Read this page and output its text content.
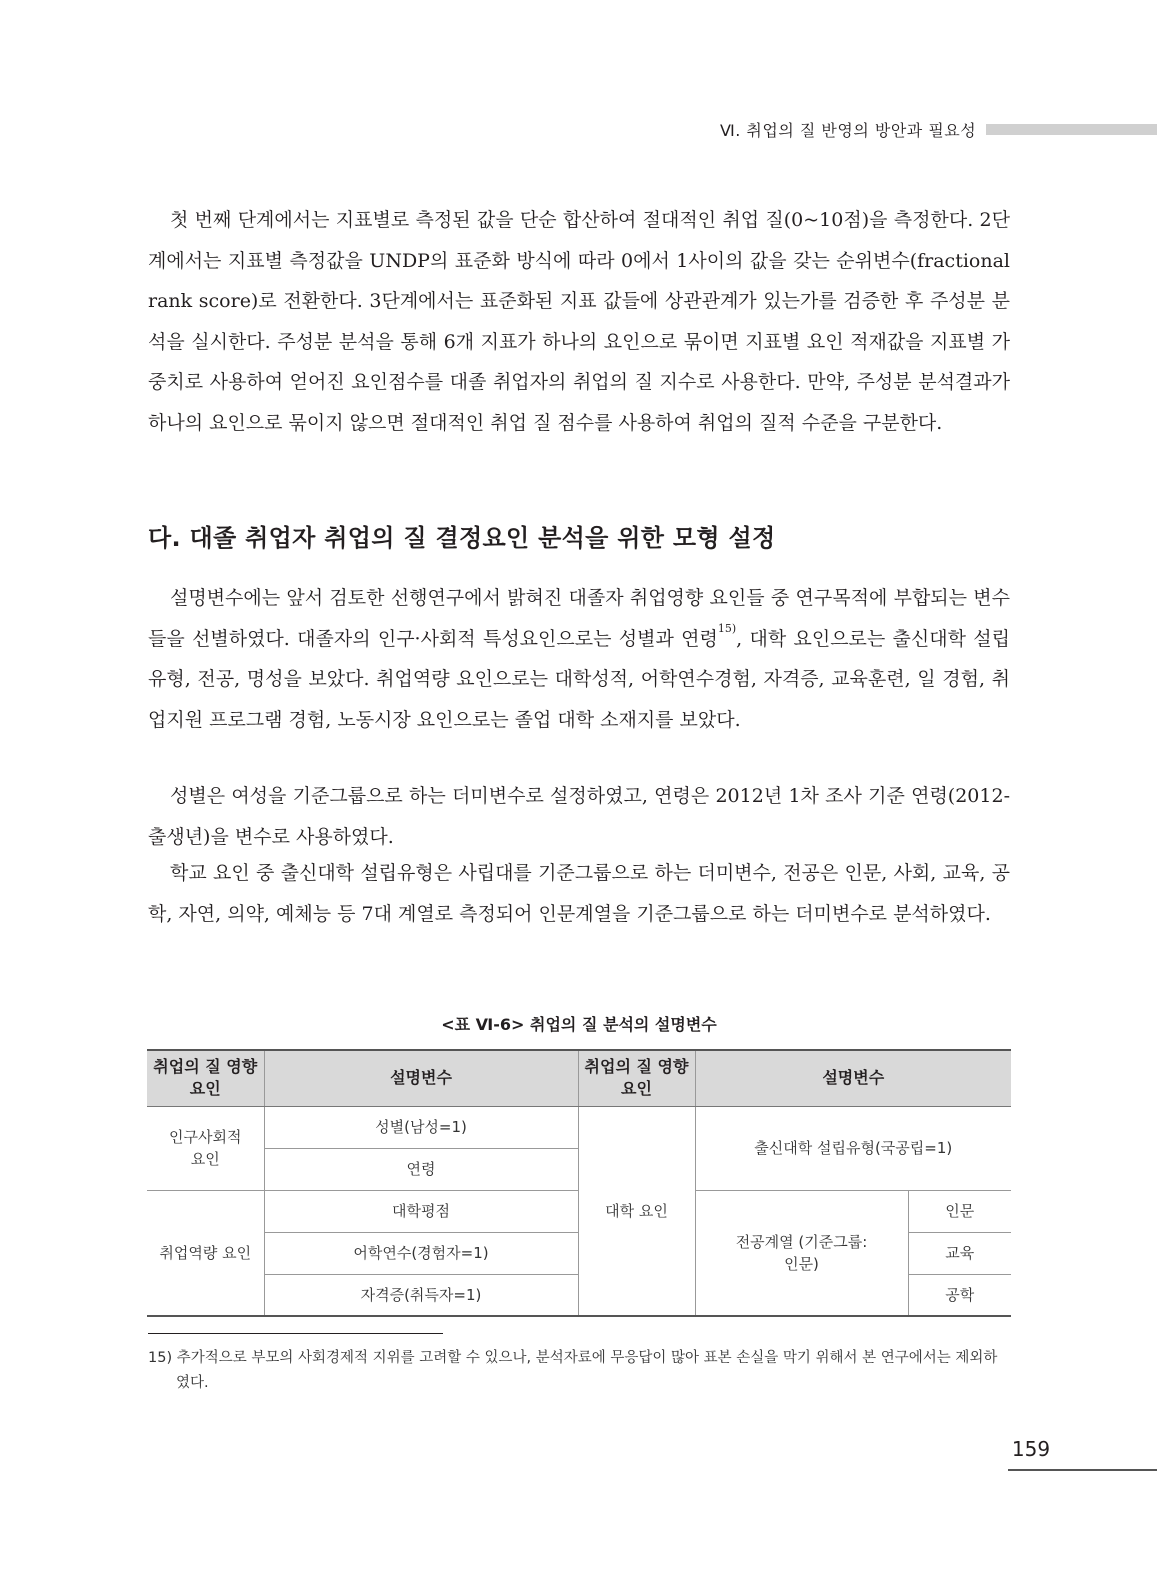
Ⅵ. 취업의 질 반영의 방안과 필요성

첫 번째 단계에서는 지표별로 측정된 값을 단순 합산하여 절대적인 취업 질(0~10점)을 측정한다. 2단계에서는 지표별 측정값을 UNDP의 표준화 방식에 따라 0에서 1사이의 값을 갖는 순위변수(fractional rank score)로 전환한다. 3단계에서는 표준화된 지표 값들에 상관관계가 있는가를 검증한 후 주성분 분석을 실시한다. 주성분 분석을 통해 6개 지표가 하나의 요인으로 묶이면 지표별 요인 적재값을 지표별 가중치로 사용하여 얻어진 요인점수를 대졸 취업자의 취업의 질 지수로 사용한다. 만약, 주성분 분석결과가 하나의 요인으로 묶이지 않으면 절대적인 취업 질 점수를 사용하여 취업의 질적 수준을 구분한다.

다. 대졸 취업자 취업의 질 결정요인 분석을 위한 모형 설정

설명변수에는 앞서 검토한 선행연구에서 밝혀진 대졸자 취업영향 요인들 중 연구목적에 부합되는 변수들을 선별하였다. 대졸자의 인구·사회적 특성요인으로는 성별과 연령$^{15)}$, 대학 요인으로는 출신대학 설립유형, 전공, 명성을 보았다. 취업역량 요인으로는 대학성적, 어학연수경험, 자격증, 교육훈련, 일 경험, 취업지원 프로그램 경험, 노동시장 요인으로는 졸업 대학 소재지를 보았다.

성별은 여성을 기준그룹으로 하는 더미변수로 설정하였고, 연령은 2012년 1차 조사 기준 연령(2012-출생년)을 변수로 사용하였다.

학교 요인 중 출신대학 설립유형은 사립대를 기준그룹으로 하는 더미변수, 전공은 인문, 사회, 교육, 공학, 자연, 의약, 예체능 등 7대 계열로 측정되어 인문계열을 기준그룹으로 하는 더미변수로 분석하였다.

<표 Ⅵ-6> 취업의 질 분석의 설명변수
취업의 질 영향 요인	설명변수	취업의 질 영향 요인	설명변수	
인구사회적 요인	성별(남성=1)	대학 요인	출신대학 설립유형(국공립=1)	
	연령			
취업역량 요인	대학평점		전공계열 (기준그룹: 인문)	인문
	어학연수(경험자=1)			교육
	자격증(취득자=1)			공학
15) 추가적으로 부모의 사회경제적 지위를 고려할 수 있으나, 분석자료에 무응답이 많아 표본 손실을 막기 위해서 본 연구에서는 제외하였다.
159
